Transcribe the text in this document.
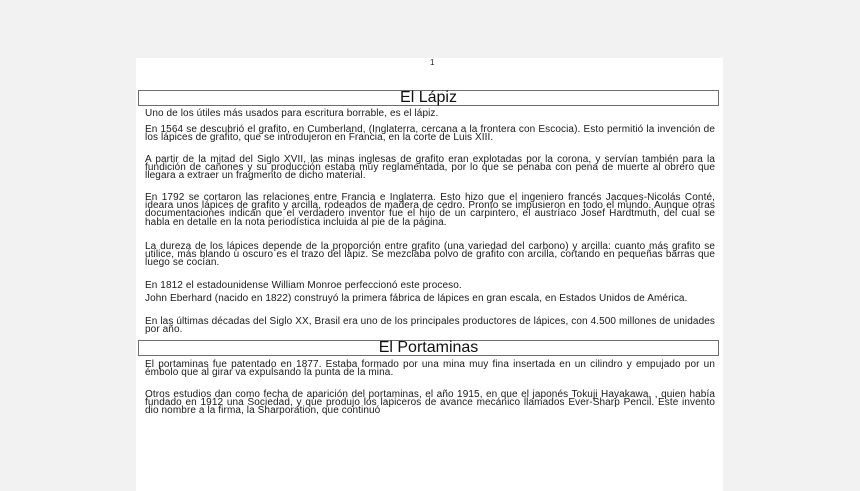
1
El Lápiz

Uno de los útiles más usados para escritura borrable, es el lápiz.

En 1564 se descubrió el grafito, en Cumberland, (Inglaterra, cercana a la frontera con Escocia). Esto permitió la invención de los lápices de grafito, que se introdujeron en Francia, en la corte de Luis XIII.

A partir de la mitad del Siglo XVII, las minas inglesas de grafito eran explotadas por la corona, y servían también para la fundición de cañones y su producción estaba muy reglamentada, por lo que se penaba con pena de muerte al obrero que llegara a extraer un fragmento de dicho material.

En 1792 se cortaron las relaciones entre Francia e Inglaterra. Esto hizo que el ingeniero francés Jacques-Nicolás Conté, ideara unos lápices de grafito y arcilla, rodeados de madera de cedro. Pronto se impusieron en todo el mundo. Aunque otras documentaciones indican que el verdadero inventor fue el hijo de un carpintero, el austríaco Josef Hardtmuth, del cual se habla en detalle en la nota periodística incluida al pie de la página.

La dureza de los lápices depende de la proporción entre grafito (una variedad del carbono) y arcilla: cuanto más grafito se utilice, más blando u oscuro es el trazo del lápiz. Se mezclaba polvo de grafito con arcilla, cortando en pequeñas barras que luego se cocían.

En 1812 el estadounidense William Monroe perfeccionó este proceso.

John Eberhard (nacido en 1822) construyó la primera fábrica de lápices en gran escala, en Estados Unidos de América.

En las últimas décadas del Siglo XX, Brasil era uno de los principales productores de lápices, con 4.500 millones de unidades por año.

El Portaminas

El portaminas fue patentado en 1877. Estaba formado por una mina muy fina insertada en un cilindro y empujado por un émbolo que al girar va expulsando la punta de la mina.

Otros estudios dan como fecha de aparición del portaminas, el año 1915, en que el japonés Tokuji Hayakawa, , quien había fundado en 1912 una Sociedad, y que produjo los lapiceros de avance mecánico llamados Ever-Sharp Pencil. Este invento dio nombre a la firma, la Sharporation, que continuó
